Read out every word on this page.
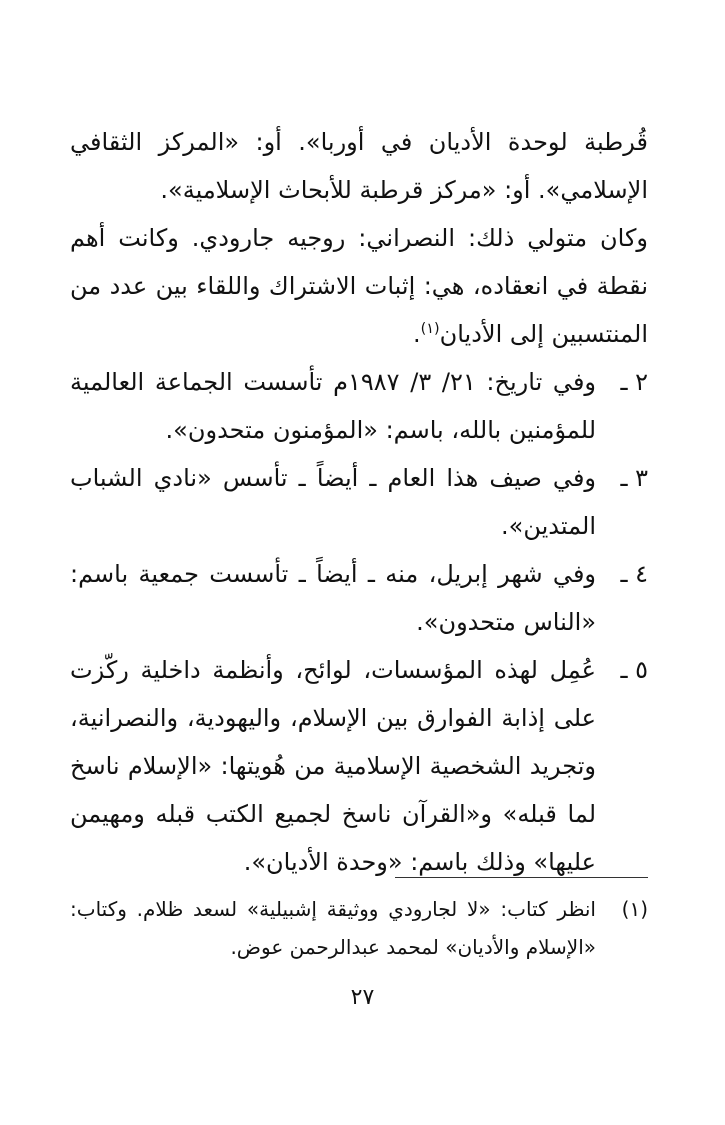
قُرطبة لوحدة الأديان في أوربا». أو: «المركز الثقافي الإسلامي». أو: «مركز قرطبة للأبحاث الإسلامية».

وكان متولي ذلك: النصراني: روجيه جارودي. وكانت أهم نقطة في انعقاده، هي: إثبات الاشتراك واللقاء بين عدد من المنتسبين إلى الأديان$^{(١)}$.

٢ ـ
وفي تاريخ: ٢١/ ٣/ ١٩٨٧م تأسست الجماعة العالمية للمؤمنين بالله، باسم: «المؤمنون متحدون».
٣ ـ
وفي صيف هذا العام ـ أيضاً ـ تأسس «نادي الشباب المتدين».
٤ ـ
وفي شهر إبريل، منه ـ أيضاً ـ تأسست جمعية باسم: «الناس متحدون».
٥ ـ
عُمِل لهذه المؤسسات، لوائح، وأنظمة داخلية ركّزت على إذابة الفوارق بين الإسلام، واليهودية، والنصرانية، وتجريد الشخصية الإسلامية من هُويتها: «الإسلام ناسخ لما قبله» و«القرآن ناسخ لجميع الكتب قبله ومهيمن عليها» وذلك باسم: «وحدة الأديان».
(١)
انظر كتاب: «لا لجارودي ووثيقة إشبيلية» لسعد ظلام. وكتاب: «الإسلام والأديان» لمحمد عبدالرحمن عوض.
٢٧
